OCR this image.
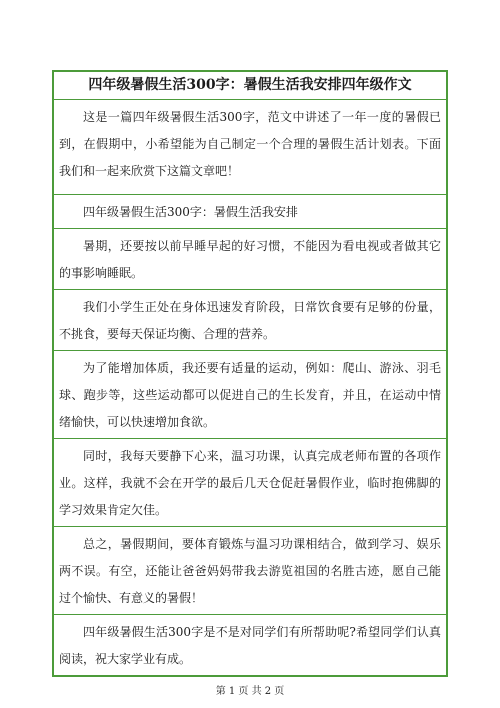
四年级暑假生活300字：暑假生活我安排四年级作文

这是一篇四年级暑假生活300字，范文中讲述了一年一度的暑假已到，在假期中，小希望能为自己制定一个合理的暑假生活计划表。下面我们和一起来欣赏下这篇文章吧！

四年级暑假生活300字：暑假生活我安排

暑期，还要按以前早睡早起的好习惯，不能因为看电视或者做其它的事影响睡眠。

我们小学生正处在身体迅速发育阶段，日常饮食要有足够的份量，不挑食，要每天保证均衡、合理的营养。

为了能增加体质，我还要有适量的运动，例如：爬山、游泳、羽毛球、跑步等，这些运动都可以促进自己的生长发育，并且，在运动中情绪愉快，可以快速增加食欲。

同时，我每天要静下心来，温习功课，认真完成老师布置的各项作业。这样，我就不会在开学的最后几天仓促赶暑假作业，临时抱佛脚的学习效果肯定欠佳。

总之，暑假期间，要体育锻炼与温习功课相结合，做到学习、娱乐两不误。有空，还能让爸爸妈妈带我去游览祖国的名胜古迹，愿自己能过个愉快、有意义的暑假！

四年级暑假生活300字是不是对同学们有所帮助呢?希望同学们认真阅读，祝大家学业有成。

第 1 页 共 2 页
